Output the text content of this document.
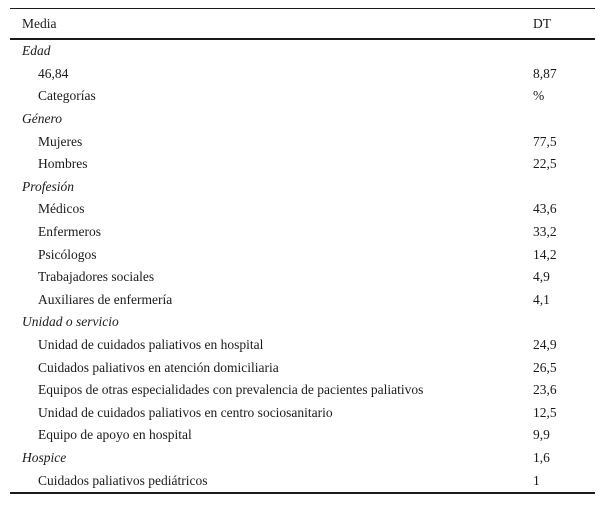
Media	DT
Edad
46,84	8,87
Categorías	%
Género
Mujeres	77,5
Hombres	22,5
Profesión
Médicos	43,6
Enfermeros	33,2
Psicólogos	14,2
Trabajadores sociales	4,9
Auxiliares de enfermería	4,1
Unidad o servicio
Unidad de cuidados paliativos en hospital	24,9
Cuidados paliativos en atención domiciliaria	26,5
Equipos de otras especialidades con prevalencia de pacientes paliativos	23,6
Unidad de cuidados paliativos en centro sociosanitario	12,5
Equipo de apoyo en hospital	9,9
Hospice	1,6
Cuidados paliativos pediátricos	1
